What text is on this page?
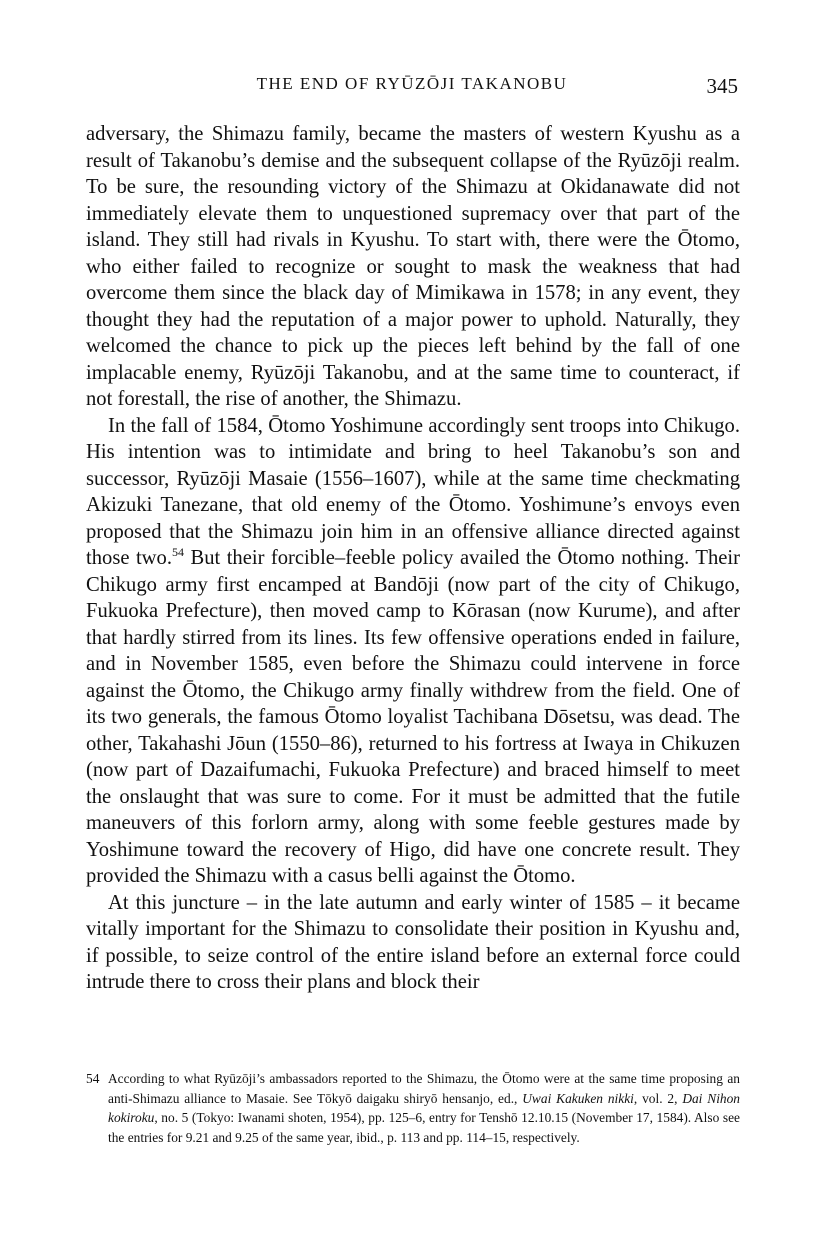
THE END OF RYŪZŌJI TAKANOBU	345

adversary, the Shimazu family, became the masters of western Kyushu as a result of Takanobu’s demise and the subsequent collapse of the Ryūzōji realm. To be sure, the resounding victory of the Shimazu at Okidanawate did not immediately elevate them to unquestioned supremacy over that part of the island. They still had rivals in Kyushu. To start with, there were the Ōtomo, who either failed to recognize or sought to mask the weakness that had overcome them since the black day of Mimikawa in 1578; in any event, they thought they had the reputation of a major power to uphold. Naturally, they welcomed the chance to pick up the pieces left behind by the fall of one implacable enemy, Ryūzōji Takanobu, and at the same time to counteract, if not forestall, the rise of another, the Shimazu.

In the fall of 1584, Ōtomo Yoshimune accordingly sent troops into Chikugo. His intention was to intimidate and bring to heel Takanobu’s son and successor, Ryūzōji Masaie (1556–1607), while at the same time checkmating Akizuki Tanezane, that old enemy of the Ōtomo. Yoshimune’s envoys even proposed that the Shimazu join him in an offensive alliance directed against those two.$^{54}$ But their forcible–feeble policy availed the Ōtomo nothing. Their Chikugo army first encamped at Bandōji (now part of the city of Chikugo, Fukuoka Prefecture), then moved camp to Kōrasan (now Kurume), and after that hardly stirred from its lines. Its few offensive operations ended in failure, and in November 1585, even before the Shimazu could intervene in force against the Ōtomo, the Chikugo army finally withdrew from the field. One of its two generals, the famous Ōtomo loyalist Tachibana Dōsetsu, was dead. The other, Takahashi Jōun (1550–86), returned to his fortress at Iwaya in Chikuzen (now part of Dazaifumachi, Fukuoka Prefecture) and braced himself to meet the onslaught that was sure to come. For it must be admitted that the futile maneuvers of this forlorn army, along with some feeble gestures made by Yoshimune toward the recovery of Higo, did have one concrete result. They provided the Shimazu with a casus belli against the Ōtomo.

At this juncture – in the late autumn and early winter of 1585 – it became vitally important for the Shimazu to consolidate their position in Kyushu and, if possible, to seize control of the entire island before an external force could intrude there to cross their plans and block their

54 According to what Ryūzōji’s ambassadors reported to the Shimazu, the Ōtomo were at the same time proposing an anti-Shimazu alliance to Masaie. See Tōkyō daigaku shiryō hensanjo, ed., Uwai Kakuken nikki, vol. 2, Dai Nihon kokiroku, no. 5 (Tokyo: Iwanami shoten, 1954), pp. 125–6, entry for Tenshō 12.10.15 (November 17, 1584). Also see the entries for 9.21 and 9.25 of the same year, ibid., p. 113 and pp. 114–15, respectively.
